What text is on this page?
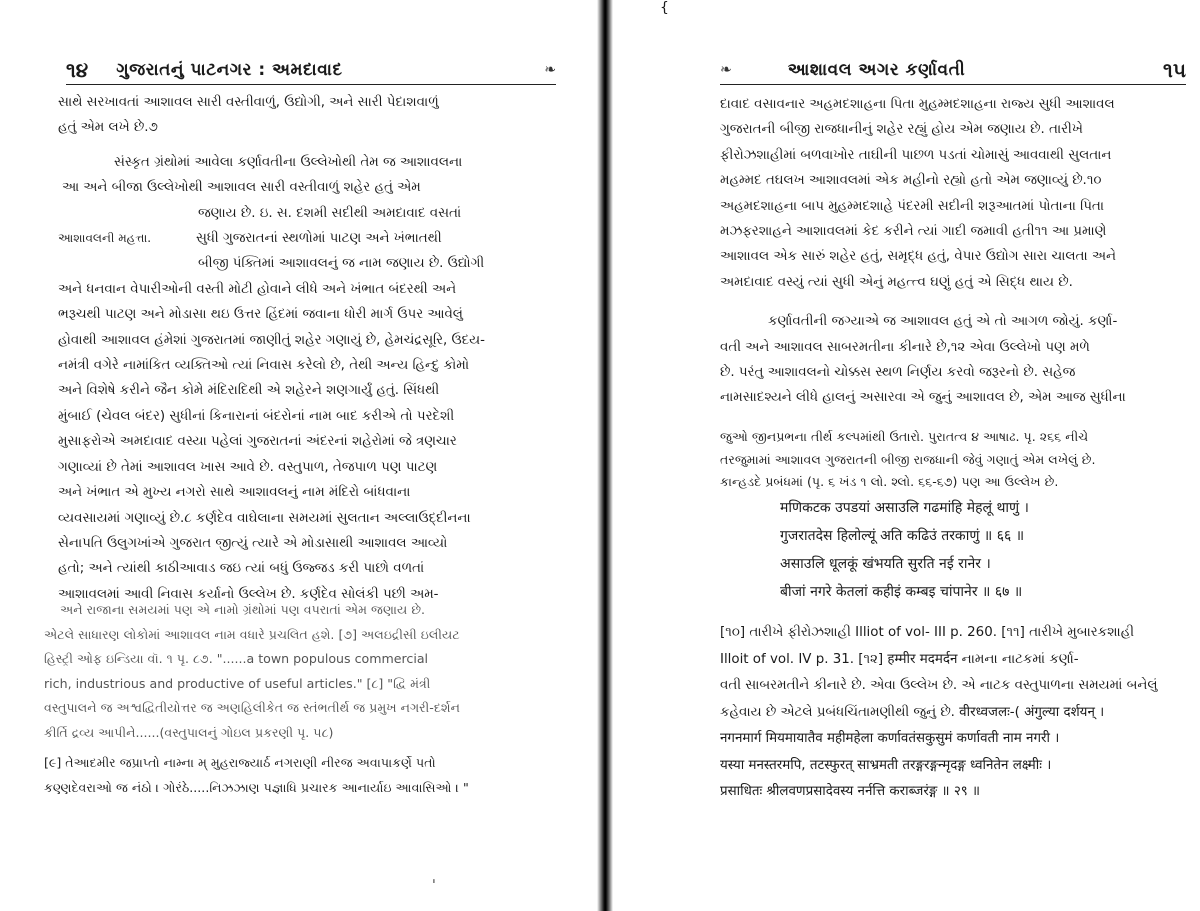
૧૪ ગુજરાતનું પાટનગર : અમદાવાદ	❧
સાથે સરખાવતાં આશાવલ સારી વસ્તીવાળું, ઉદ્યોગી, અને સારી પેદાશવાળું
હતું એમ લખે છે.૭
સંસ્કૃત ગ્રંથોમાં આવેલા કર્ણાવતીના ઉલ્લેખોથી તેમ જ આશાવલના
આ અને બીજા ઉલ્લેખોથી આશાવલ સારી વસ્તીવાળું શહેર હતું એમ
જણાય છે. ઇ. સ. દશમી સદીથી અમદાવાદ વસતાં
આશાવલની મહત્તા.	સુધી ગુજરાતનાં સ્થળોમાં પાટણ અને ખંભાતથી
બીજી પંક્તિમાં આશાવલનું જ નામ જણાય છે. ઉદ્યોગી
અને ધનવાન વેપારીઓની વસ્તી મોટી હોવાને લીધે અને ખંભાત બંદરથી અને
ભરૂચથી પાટણ અને મોડાસા થઇ ઉત્તર હિંદમાં જવાના ધોરી માર્ગ ઉપર આવેલું
હોવાથી આશાવલ હંમેશાં ગુજરાતમાં જાણીતું શહેર ગણાયું છે, હેમચંદ્રસૂરિ, ઉદય-
નમંત્રી વગેરે નામાંકિત વ્યક્તિઓ ત્યાં નિવાસ કરેલો છે, તેથી અન્ય હિન્દુ કોમો
અને વિશેષે કરીને જૈન કોમે મંદિરાદિથી એ શહેરને શણગાર્યું હતું. સિંધથી
મુંબાઈ (ચેવલ બંદર) સુધીનાં કિનારાનાં બંદરોનાં નામ બાદ કરીએ તો પરદેશી
મુસાફરોએ અમદાવાદ વસ્યા પહેલાં ગુજરાતનાં અંદરનાં શહેરોમાં જે ત્રણચાર
ગણાવ્યાં છે તેમાં આશાવલ ખાસ આવે છે. વસ્તુપાળ, તેજપાળ પણ પાટણ
અને ખંભાત એ મુખ્ય નગરો સાથે આશાવલનું નામ મંદિરો બાંધવાના
વ્યવસાયમાં ગણાવ્યું છે.૮ કર્ણદેવ વાઘેલાના સમયમાં સુલતાન અલ્લાઉદ્દીનના
સેનાપતિ ઉલુગખાંએ ગુજરાત જીત્યું ત્યારે એ મોડાસાથી આશાવલ આવ્યો
હતો; અને ત્યાંથી કાઠીઆવાડ જઇ ત્યાં બધું ઉજ્જડ કરી પાછો વળતાં
આશાવલમાં આવી નિવાસ કર્યાનો ઉલ્લેખ છે. કર્ણદેવ સોલંકી પછી અમ-
અને રાજાના સમયમાં પણ એ નામો ગ્રંથોમાં પણ વપરાતાં એમ જણાય છે.
એટલે સાધારણ લોકોમાં આશાવલ નામ વધારે પ્રચલિત હશે. [૭] અલઇદ્રીસી ઇલીયટ
હિસ્ટ્રી ઓફ ઇન્ડિયા વૉ. ૧ પૃ. ૮૭. "......a town populous commercial
rich, industrious and productive of useful articles." [૮] "દ્વિ મંત્રી
વસ્તુપાલને જ અશ્વદ્વિતીયોત્તર જ અણહિલીકેત જ સ્તંભતીર્થ જ પ્રમુખ નગરી-દર્શન
કીર્તિ દ્રવ્ય આપીને......(વસ્તુપાલનું ગોઇલ પ્રકરણી પૃ. ૫૮)
[૯] તેઆદમીર જપ્રાપ્તો નામ્ના મ્ મુહરાજ્યાર્ઠ નગરાણી નીરજ અવાપાકર્ણે પતો
કણ્ણદેવરાઓ જ નંઠો । ગોરંઠે.....નિઝઝાણ પજ્ઞાધિ પ્રચારક આનાર્યાઇ આવાસિઓ । "
ˈ
❧	આશાવલ અગર કર્ણાવતી	૧૫
દાવાદ વસાવનાર અહમદશાહના પિતા મુહમ્મદશાહના રાજ્ય સુધી આશાવલ
ગુજરાતની બીજી રાજધાનીનું શહેર રહ્યું હોય એમ જણાય છે. તારીખે
ફીરોઝશાહીમાં બળવાખોર તાઘીની પાછળ પડતાં ચોમાસું આવવાથી સુલતાન
મહમ્મદ તઘલખ આશાવલમાં એક મહીનો રહ્યો હતો એમ જણાવ્યું છે.૧૦
અહમદશાહના બાપ મુહમ્મદશાહે પંદરમી સદીની શરૂઆતમાં પોતાના પિતા
મઝફરશાહને આશાવલમાં કેદ કરીને ત્યાં ગાદી જમાવી હતી૧૧ આ પ્રમાણે
આશાવલ એક સારું શહેર હતું, સમૃદ્ધ હતું, વેપાર ઉદ્યોગ સારા ચાલતા અને
અમદાવાદ વસ્યું ત્યાં સુધી એનું મહત્ત્વ ઘણું હતું એ સિદ્ધ થાય છે.
કર્ણાવતીની જગ્યાએ જ આશાવલ હતું એ તો આગળ જોયું. કર્ણા-
વતી અને આશાવલ સાબરમતીના કીનારે છે,૧૨ એવા ઉલ્લેખો પણ મળે
છે. પરંતુ આશાવલનો ચોક્કસ સ્થળ નિર્ણય કરવો જરૂરનો છે. સહેજ
નામસાદશ્યને લીધે હાલનું અસારવા એ જુનું આશાવલ છે, એમ આજ સુધીના
જુઓ જીનપ્રભના તીર્થ કલ્પમાંથી ઉતારો. પુરાતત્વ ૪ આષાઢ. પૃ. ૨૬૬ નીચે
તરજુમામાં આશાવલ ગુજરાતની બીજી રાજધાની જેવું ગણાતું એમ લખેલું છે.
કાન્હડદે પ્રબંધમાં (પૃ. ૬ ખંડ ૧ લો. શ્લો. ૬૬-૬૭) પણ આ ઉલ્લેખ છે.
मणिकटक उपडयां असाउलि गढमांहि मेहलूं थाणुं ।
गुजरातदेस हिलोल्यूं अति कढिउं तरकाणुं ॥ ६६ ॥
असाउलि धूलकूं खंभयति सुरति नई रानेर ।
बीजां नगरे केतलां कहीइं कम्बइ चांपानेर ॥ ६७ ॥
[૧૦] તારીખે ફીરોઝશાહી Illiot of vol- III p. 260. [૧૧] તારીખે મુબારકશાહી
Illoit of vol. IV p. 31. [૧૨] हम्मीर मदमर्दन નામના નાટકમાં કર્ણા-
વતી સાબરમતીને કીનારે છે. એવા ઉલ્લેખ છે. એ નાટક વસ્તુપાળના સમયમાં બનેલું
કહેવાય છે એટલે પ્રબંધચિંતામણીથી જુનું છે. वीरध्वजलः-( अंगुल्या दर्शयन् ।
नगनमार्ग मियमायातैव महीमहेला कर्णावतंसकुसुमं कर्णावती नाम नगरी ।
यस्या मनस्तरमपि, तटस्फुरत् साभ्रमती तरङ्गरङ्गन्मृदङ्ग ध्वनितेन लक्ष्मीः ।
प्रसाधितः श्रीलवणप्रसादेवस्य नर्नत्ति कराब्जरंङ्ग ॥ २९ ॥
{
